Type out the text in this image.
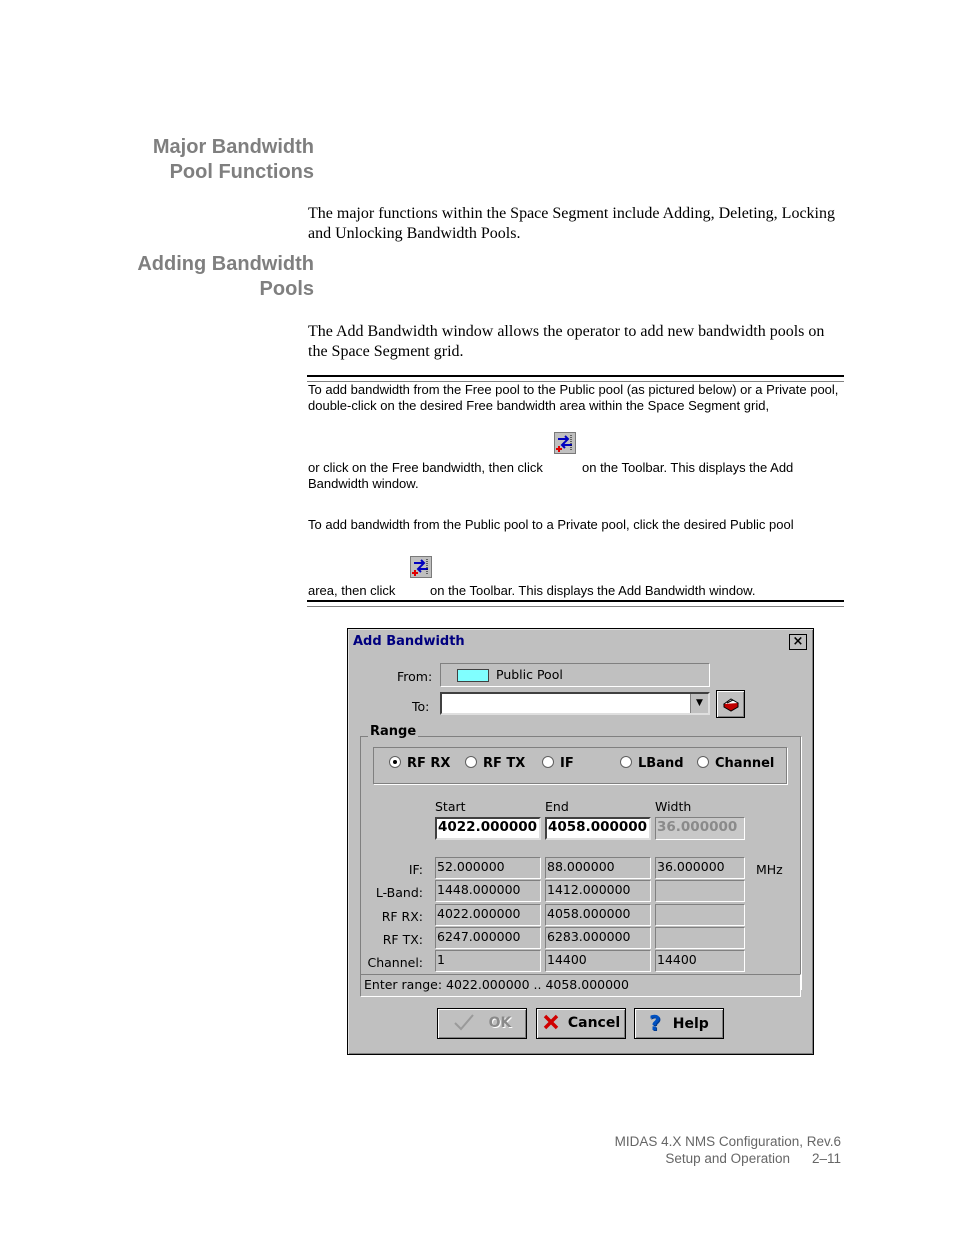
Major Bandwidth
Pool Functions
The major functions within the Space Segment include Adding, Deleting, Locking and Unlocking Bandwidth Pools.
Adding Bandwidth
Pools
The Add Bandwidth window allows the operator to add new bandwidth pools on the Space Segment grid.
To add bandwidth from the Free pool to the Public pool (as pictured below) or a Private pool, double-click on the desired Free bandwidth area within the Space Segment grid,
or click on the Free bandwidth, then click	on the Toolbar. This displays the Add
Bandwidth window.
To add bandwidth from the Public pool to a Private pool, click the desired Public pool
area, then click	on the Toolbar. This displays the Add Bandwidth window.
Add Bandwidth	×
From:	Public Pool
To:	▼
Range
RF RX	RF TX	IF	LBand	Channel
Start	End	Width
4022.000000 4058.000000 36.000000
IF: 52.000000	88.000000	36.000000
L-Band: 1448.000000	1412.000000
RF RX: 4022.000000	4058.000000
RF TX: 6247.000000	6283.000000
Channel: 1	14400	14400
MHz
Enter range: 4022.000000 .. 4058.000000
OK	Cancel	? Help
MIDAS 4.X NMS Configuration, Rev.6
Setup and Operation 2–11
